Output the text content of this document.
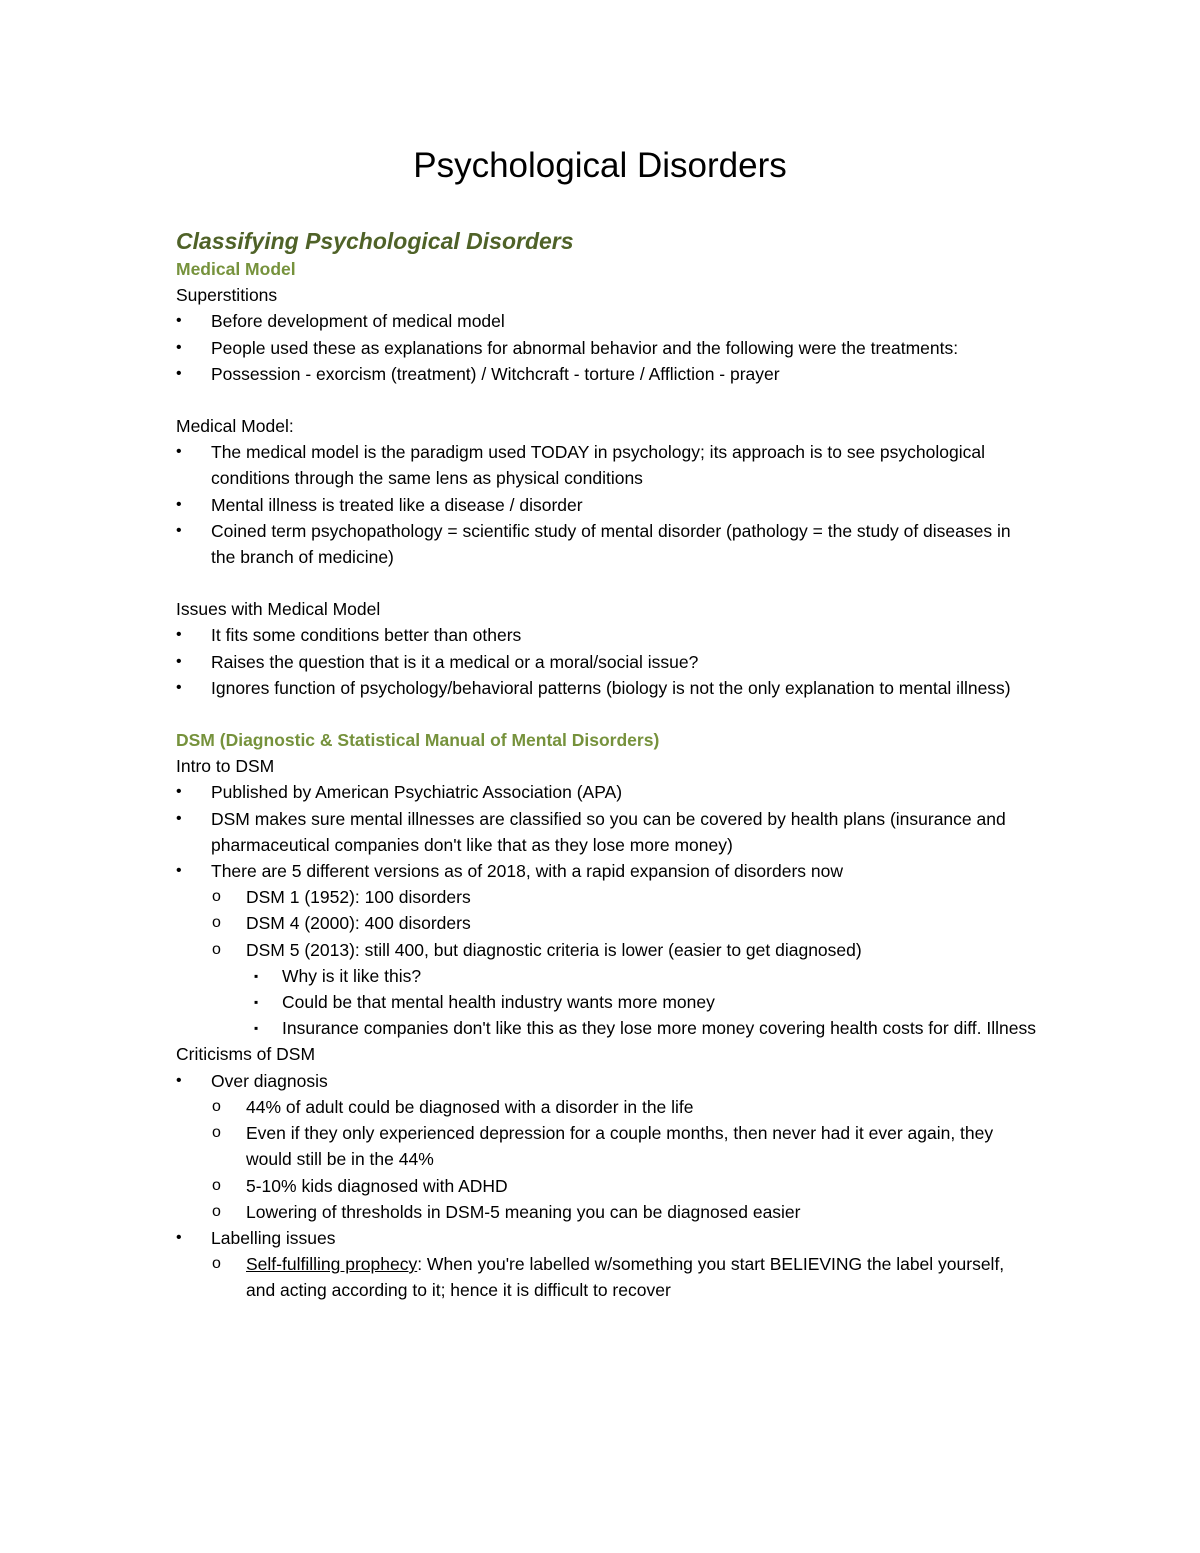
Psychological Disorders
Classifying Psychological Disorders
Medical Model
Superstitions
•	Before development of medical model
•	People used these as explanations for abnormal behavior and the following were the treatments:
•	Possession - exorcism (treatment) / Witchcraft - torture / Affliction - prayer
Medical Model:
•	The medical model is the paradigm used TODAY in psychology; its approach is to see psychological conditions through the same lens as physical conditions
•	Mental illness is treated like a disease / disorder
•	Coined term psychopathology = scientific study of mental disorder (pathology = the study of diseases in the branch of medicine)
Issues with Medical Model
•	It fits some conditions better than others
•	Raises the question that is it a medical or a moral/social issue?
•	Ignores function of psychology/behavioral patterns (biology is not the only explanation to mental illness)
DSM (Diagnostic & Statistical Manual of Mental Disorders)
Intro to DSM
•	Published by American Psychiatric Association (APA)
•	DSM makes sure mental illnesses are classified so you can be covered by health plans (insurance and pharmaceutical companies don't like that as they lose more money)
•	There are 5 different versions as of 2018, with a rapid expansion of disorders now
o DSM 1 (1952): 100 disorders
o DSM 4 (2000): 400 disorders
o DSM 5 (2013): still 400, but diagnostic criteria is lower (easier to get diagnosed)
▪ Why is it like this?
▪ Could be that mental health industry wants more money
▪ Insurance companies don't like this as they lose more money covering health costs for diff. Illness
Criticisms of DSM
•	Over diagnosis
o 44% of adult could be diagnosed with a disorder in the life
o Even if they only experienced depression for a couple months, then never had it ever again, they would still be in the 44%
o 5-10% kids diagnosed with ADHD
o Lowering of thresholds in DSM-5 meaning you can be diagnosed easier
•	Labelling issues
o Self-fulfilling prophecy: When you're labelled w/something you start BELIEVING the label yourself, and acting according to it; hence it is difficult to recover
